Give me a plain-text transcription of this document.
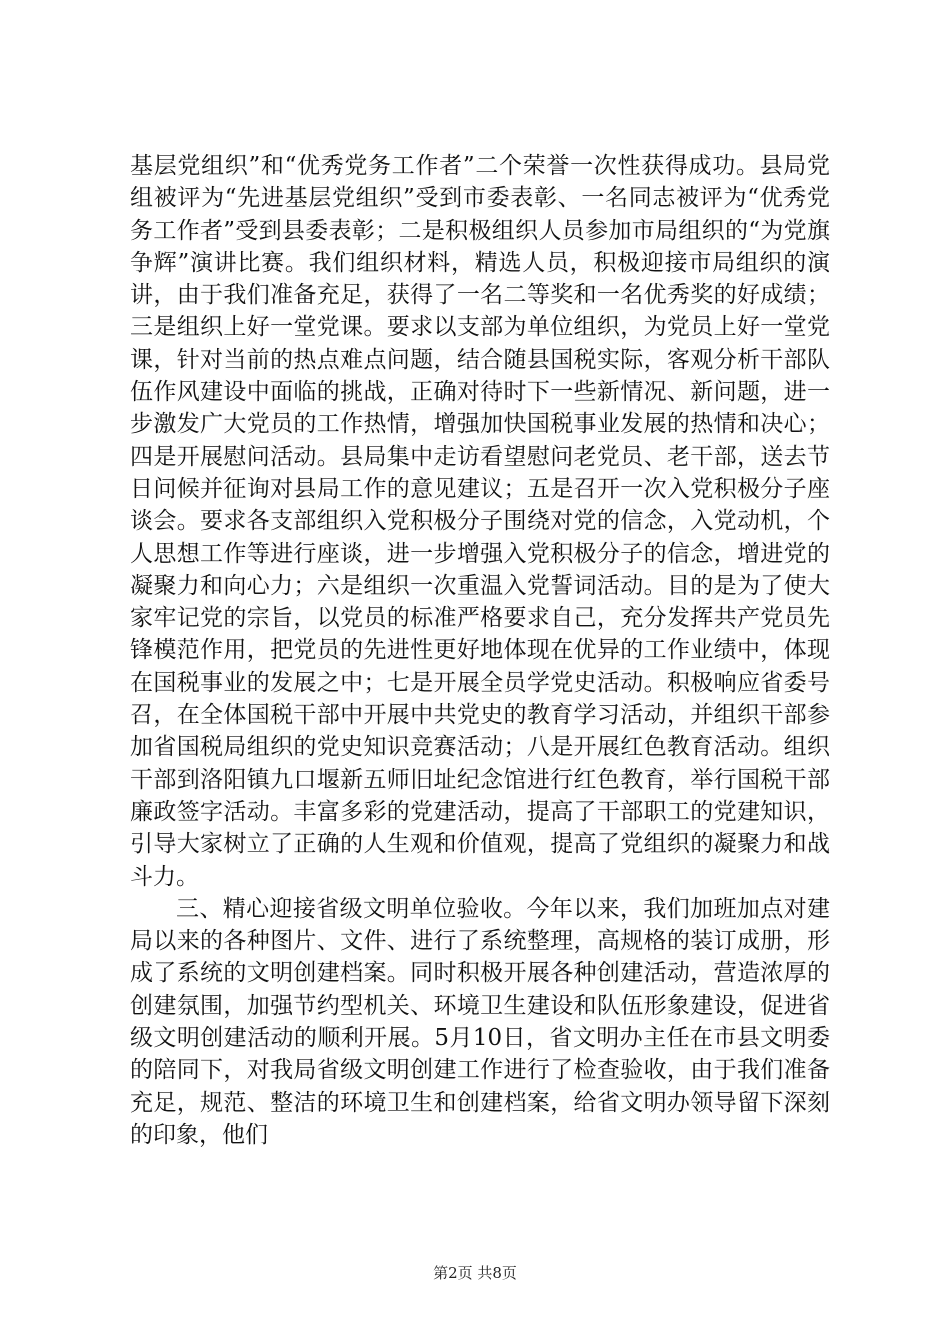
基层党组织”和“优秀党务工作者”二个荣誉一次性获得成功。县局党组被评为“先进基层党组织”受到市委表彰、一名同志被评为“优秀党务工作者”受到县委表彰；二是积极组织人员参加市局组织的“为党旗争辉”演讲比赛。我们组织材料，精选人员，积极迎接市局组织的演讲，由于我们准备充足，获得了一名二等奖和一名优秀奖的好成绩；三是组织上好一堂党课。要求以支部为单位组织，为党员上好一堂党课，针对当前的热点难点问题，结合随县国税实际，客观分析干部队伍作风建设中面临的挑战，正确对待时下一些新情况、新问题，进一步激发广大党员的工作热情，增强加快国税事业发展的热情和决心；四是开展慰问活动。县局集中走访看望慰问老党员、老干部，送去节日问候并征询对县局工作的意见建议；五是召开一次入党积极分子座谈会。要求各支部组织入党积极分子围绕对党的信念，入党动机，个人思想工作等进行座谈，进一步增强入党积极分子的信念，增进党的凝聚力和向心力；六是组织一次重温入党誓词活动。目的是为了使大家牢记党的宗旨，以党员的标准严格要求自己，充分发挥共产党员先锋模范作用，把党员的先进性更好地体现在优异的工作业绩中，体现在国税事业的发展之中；七是开展全员学党史活动。积极响应省委号召，在全体国税干部中开展中共党史的教育学习活动，并组织干部参加省国税局组织的党史知识竞赛活动；八是开展红色教育活动。组织干部到洛阳镇九口堰新五师旧址纪念馆进行红色教育，举行国税干部廉政签字活动。丰富多彩的党建活动，提高了干部职工的党建知识，引导大家树立了正确的人生观和价值观，提高了党组织的凝聚力和战斗力。

三、精心迎接省级文明单位验收。今年以来，我们加班加点对建局以来的各种图片、文件、进行了系统整理，高规格的装订成册，形成了系统的文明创建档案。同时积极开展各种创建活动，营造浓厚的创建氛围，加强节约型机关、环境卫生建设和队伍形象建设，促进省级文明创建活动的顺利开展。5月10日，省文明办主任在市县文明委的陪同下，对我局省级文明创建工作进行了检查验收，由于我们准备充足，规范、整洁的环境卫生和创建档案，给省文明办领导留下深刻的印象，他们

第2页 共8页
